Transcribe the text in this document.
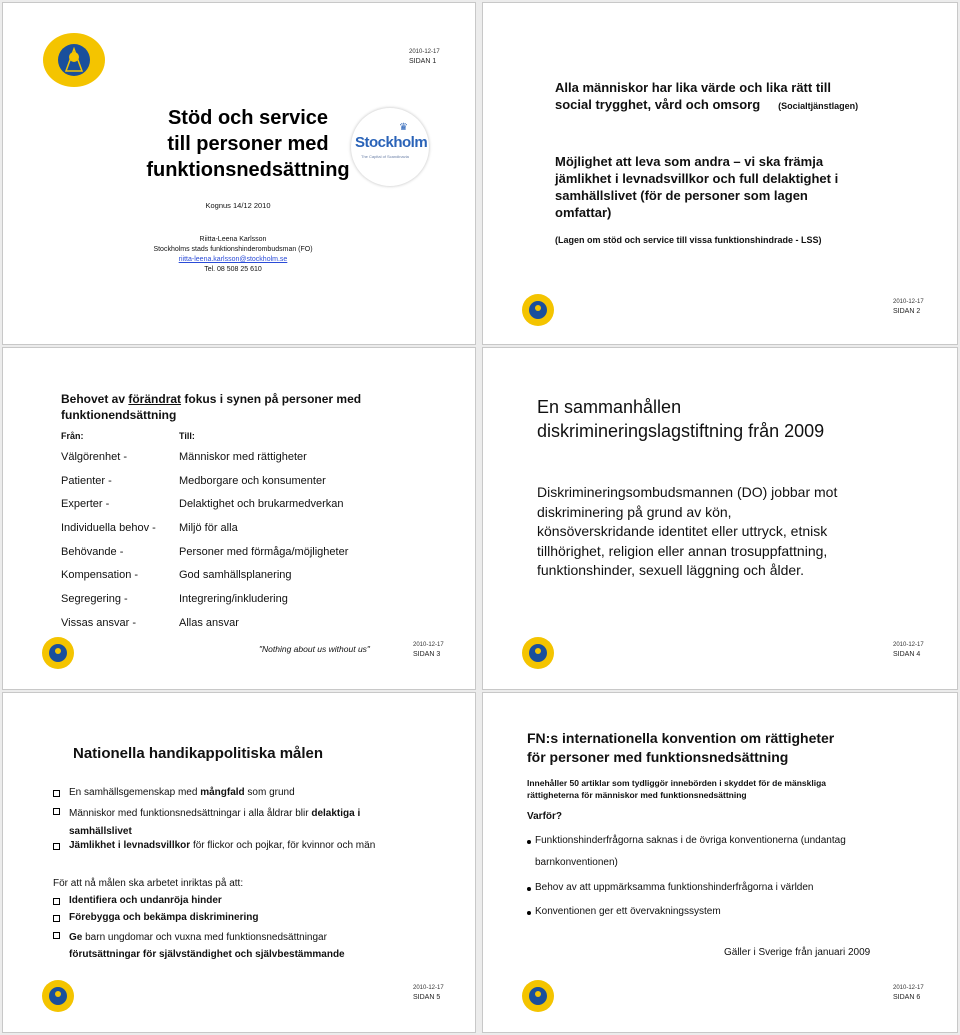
2010-12-17
SIDAN 1
Stöd och service
till personer med
funktionsnedsättning
♛
Stockholm
The Capital of Scandinavia
Kognus 14/12 2010
Riitta-Leena Karlsson
Stockholms stads funktionshinderombudsman (FO)
riitta-leena.karlsson@stockholm.se
Tel. 08 508 25 610
Alla människor har lika värde och lika rätt till
social trygghet, vård och omsorg (Socialtjänstlagen)
Möjlighet att leva som andra – vi ska främja
jämlikhet i levnadsvillkor och full delaktighet i
samhällslivet (för de personer som lagen
omfattar)
(Lagen om stöd och service till vissa funktionshindrade - LSS)
2010-12-17
SIDAN 2
Behovet av förändrat fokus i synen på personer med
funktionendsättning
Från:	Till:
Välgörenhet -	Människor med rättigheter
Patienter -	Medborgare och konsumenter
Experter -	Delaktighet och brukarmedverkan
Individuella behov - Miljö för alla
Behövande -	Personer med förmåga/möjligheter
Kompensation -	God samhällsplanering
Segregering -	Integrering/inkludering
Vissas ansvar -	Allas ansvar
"Nothing about us without us"	2010-12-17
SIDAN 3
En sammanhållen
diskrimineringslagstiftning från 2009
Diskrimineringsombudsmannen (DO) jobbar mot
diskriminering på grund av kön,
könsöverskridande identitet eller uttryck, etnisk
tillhörighet, religion eller annan trosuppfattning,
funktionshinder, sexuell läggning och ålder.
2010-12-17
SIDAN 4
Nationella handikappolitiska målen
En samhällsgemenskap med mångfald som grund
Människor med funktionsnedsättningar i alla åldrar blir delaktiga i
samhällslivet
Jämlikhet i levnadsvillkor för flickor och pojkar, för kvinnor och män
För att nå målen ska arbetet inriktas på att:
Identifiera och undanröja hinder
Förebygga och bekämpa diskriminering
Ge barn ungdomar och vuxna med funktionsnedsättningar
förutsättningar för självständighet och självbestämmande
2010-12-17
SIDAN 5
FN:s internationella konvention om rättigheter
för personer med funktionsnedsättning
Innehåller 50 artiklar som tydliggör innebörden i skyddet för de mänskliga
rättigheterna för människor med funktionsnedsättning
Varför?
Funktionshinderfrågorna saknas i de övriga konventionerna (undantag
barnkonventionen)
Behov av att uppmärksamma funktionshinderfrågorna i världen
Konventionen ger ett övervakningssystem
Gäller i Sverige från januari 2009
2010-12-17
SIDAN 6
